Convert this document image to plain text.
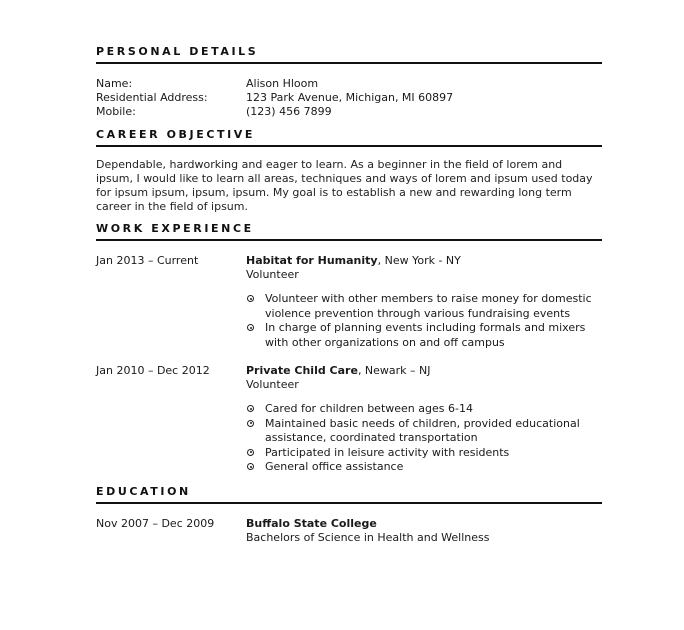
PERSONAL DETAILS
Name:	Alison Hloom
Residential Address:	123 Park Avenue, Michigan, MI 60897
Mobile:	(123) 456 7899
CAREER OBJECTIVE

Dependable, hardworking and eager to learn. As a beginner in the field of lorem and ipsum, I would like to learn all areas, techniques and ways of lorem and ipsum used today for ipsum ipsum, ipsum, ipsum. My goal is to establish a new and rewarding long term career in the field of ipsum.

WORK EXPERIENCE
Jan 2013 – Current	Habitat for Humanity, New York - NY
Volunteer
Volunteer with other members to raise money for domestic violence prevention through various fundraising events
In charge of planning events including formals and mixers with other organizations on and off campus
Jan 2010 – Dec 2012	Private Child Care, Newark – NJ
Volunteer
Cared for children between ages 6-14
Maintained basic needs of children, provided educational assistance, coordinated transportation
Participated in leisure activity with residents
General office assistance
EDUCATION
Nov 2007 – Dec 2009	Buffalo State College
Bachelors of Science in Health and Wellness
